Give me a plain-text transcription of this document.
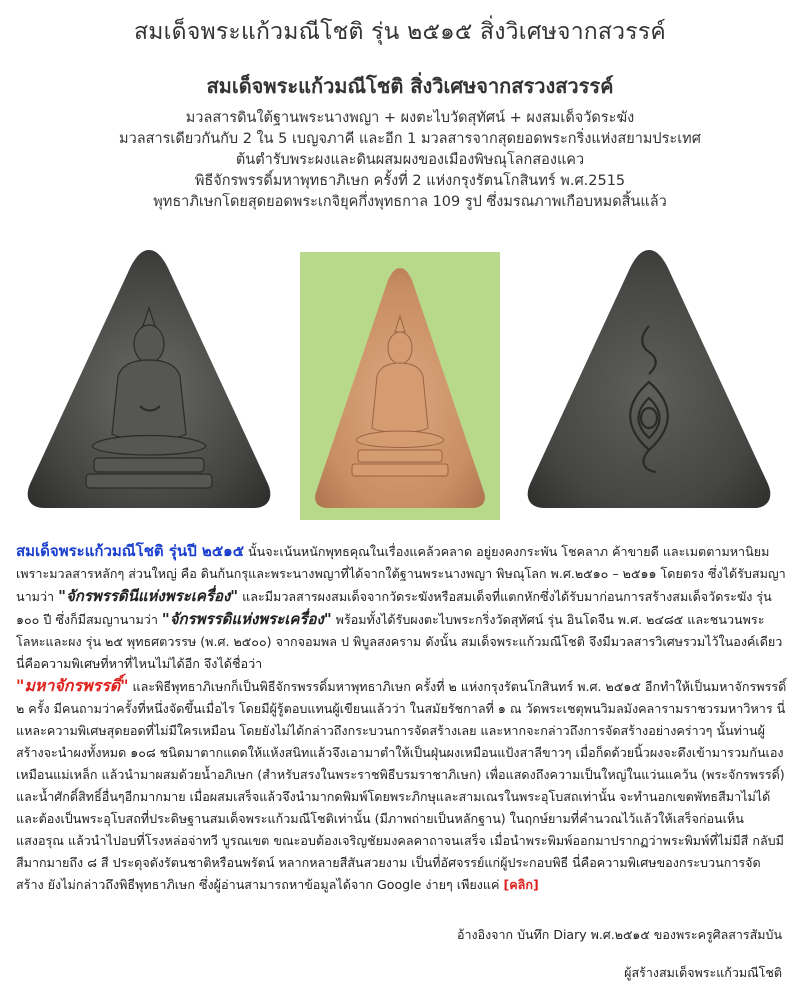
สมเด็จพระแก้วมณีโชติ รุ่น ๒๕๑๕ สิ่งวิเศษจากสวรรค์
สมเด็จพระแก้วมณีโชติ สิ่งวิเศษจากสรวงสวรรค์
มวลสารดินใต้ฐานพระนางพญา + ผงตะไบวัดสุทัศน์ + ผงสมเด็จวัดระฆัง
มวลสารเดียวกันกับ 2 ใน 5 เบญจภาคี และอีก 1 มวลสารจากสุดยอดพระกริ่งแห่งสยามประเทศ
ต้นตำรับพระผงและดินผสมผงของเมืองพิษณุโลกสองแคว
พิธีจักรพรรดิ์มหาพุทธาภิเษก ครั้งที่ 2 แห่งกรุงรัตนโกสินทร์ พ.ศ.2515
พุทธาภิเษกโดยสุดยอดพระเกจิยุคกึ่งพุทธกาล 109 รูป ซึ่งมรณภาพเกือบหมดสิ้นแล้ว
สมเด็จพระแก้วมณีโชติ รุ่นปี ๒๕๑๕ นั้นจะเน้นหนักพุทธคุณในเรื่องแคล้วคลาด อยู่ยงคงกระพัน โชคลาภ ค้าขายดี และเมตตามหานิยม เพราะมวลสารหลักๆ ส่วนใหญ่ คือ ดินก้นกรุและพระนางพญาที่ได้จากใต้ฐานพระนางพญา พิษณุโลก พ.ศ.๒๕๑๐ – ๒๕๑๑ โดยตรง ซึ่งได้รับสมญานามว่า "จักรพรรดินีแห่งพระเครื่อง" และมีมวลสารผงสมเด็จจากวัดระฆังหรือสมเด็จที่แตกหักซึ่งได้รับมาก่อนการสร้างสมเด็จวัดระฆัง รุ่น ๑๐๐ ปี ซึ่งก็มีสมญานามว่า "จักรพรรดิแห่งพระเครื่อง" พร้อมทั้งได้รับผงตะไบพระกริ่งวัดสุทัศน์ รุ่น อินโดจีน พ.ศ. ๒๔๘๕ และชนวนพระโลหะและผง รุ่น ๒๕ พุทธศตวรรษ (พ.ศ. ๒๕๐๐) จากจอมพล ป พิบูลสงคราม ดังนั้น สมเด็จพระแก้วมณีโชติ จึงมีมวลสารวิเศษรวมไว้ในองค์เดียว นี่คือความพิเศษที่หาที่ไหนไม่ได้อีก จึงได้ชื่อว่า
"มหาจักรพรรดิ์" และพิธีพุทธาภิเษกก็เป็นพิธีจักรพรรดิ์มหาพุทธาภิเษก ครั้งที่ ๒ แห่งกรุงรัตนโกสินทร์ พ.ศ. ๒๕๑๕ อีกทำให้เป็นมหาจักรพรรดิ์ ๒ ครั้ง มีคนถามว่าครั้งที่หนึ่งจัดขึ้นเมื่อไร โดยมีผู้รู้ตอบแทนผู้เขียนแล้วว่า ในสมัยรัชกาลที่ ๑ ณ วัดพระเชตุพนวิมลมังคลารามราชวรมหาวิหาร นี่แหละความพิเศษสุดยอดที่ไม่มีใครเหมือน โดยยังไม่ได้กล่าวถึงกระบวนการจัดสร้างเลย และหากจะกล่าวถึงการจัดสร้างอย่างคร่าวๆ นั้นท่านผู้สร้างจะนำผงทั้งหมด ๑๐๘ ชนิดมาตากแดดให้แห้งสนิทแล้วจึงเอามาตำให้เป็นฝุ่นผงเหมือนแป้งสาลีขาวๆ เมื่อก็ดด้วยนิ้วผงจะดึงเข้ามารวมกันเองเหมือนแม่เหล็ก แล้วนำมาผสมด้วยน้ำอภิเษก (สำหรับสรงในพระราชพิธีบรมราชาภิเษก) เพื่อแสดงถึงความเป็นใหญ่ในแว่นแคว้น (พระจักรพรรดิ์) และน้ำศักดิ์สิทธิ์อื่นๆอีกมากมาย เมื่อผสมเสร็จแล้วจึงนำมากดพิมพ์โดยพระภิกษุและสามเณรในพระอุโบสถเท่านั้น จะทำนอกเขตพัทธสีมาไม่ได้ และต้องเป็นพระอุโบสถที่ประดิษฐานสมเด็จพระแก้วมณีโชติเท่านั้น (มีภาพถ่ายเป็นหลักฐาน) ในฤกษ์ยามที่คำนวณไว้แล้วให้เสร็จก่อนเห็นแสงอรุณ แล้วนำไปอบที่โรงหล่อจ่าทวี บูรณเขต ขณะอบต้องเจริญชัยมงคลคาถาจนเสร็จ เมื่อนำพระพิมพ์ออกมาปรากฏว่าพระพิมพ์ที่ไม่มีสี กลับมีสีมากมายถึง ๘ สี ประดุจดังรัตนชาติหรือนพรัตน์ หลากหลายสีสันสวยงาม เป็นที่อัศจรรย์แก่ผู้ประกอบพิธี นี่คือความพิเศษของกระบวนการจัดสร้าง ยังไม่กล่าวถึงพิธีพุทธาภิเษก ซึ่งผู้อ่านสามารถหาข้อมูลได้จาก Google ง่ายๆ เพียงแค่ [คลิก]
อ้างอิงจาก บันทึก Diary พ.ศ.๒๕๑๕ ของพระครูศิลสารสัมบัน
ผู้สร้างสมเด็จพระแก้วมณีโชติ
